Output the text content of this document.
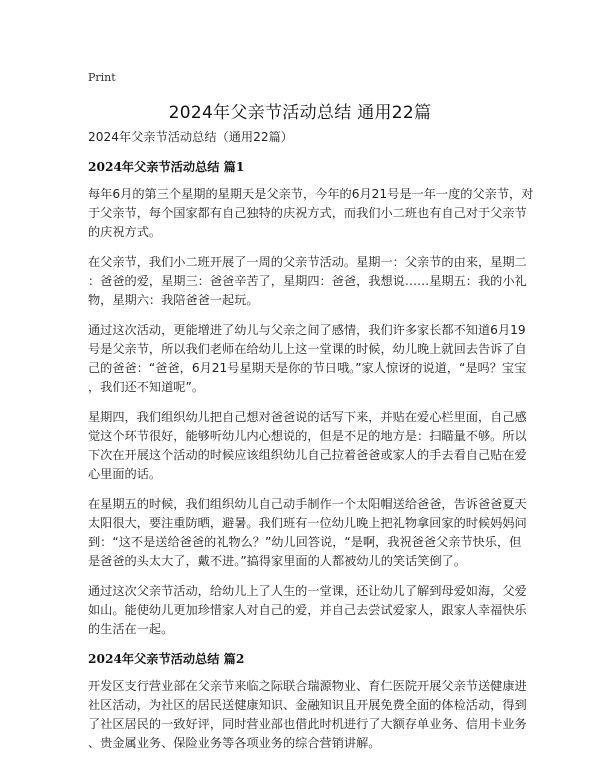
Print
2024年父亲节活动总结 通用22篇
2024年父亲节活动总结（通用22篇）
2024年父亲节活动总结 篇1
每年6月的第三个星期的星期天是父亲节，今年的6月21号是一年一度的父亲节，对
于父亲节，每个国家都有自己独特的庆祝方式，而我们小二班也有自己对于父亲节
的庆祝方式。
在父亲节，我们小二班开展了一周的父亲节活动。星期一：父亲节的由来，星期二
：爸爸的爱，星期三：爸爸辛苦了，星期四：爸爸，我想说……星期五：我的小礼
物，星期六：我陪爸爸一起玩。
通过这次活动，更能增进了幼儿与父亲之间了感情，我们许多家长都不知道6月19
号是父亲节，所以我们老师在给幼儿上这一堂课的时候，幼儿晚上就回去告诉了自
己的爸爸：“爸爸，6月21号星期天是你的节日哦。”家人惊讶的说道，“是吗？宝宝
，我们还不知道呢”。
星期四，我们组织幼儿把自己想对爸爸说的话写下来，并贴在爱心栏里面，自己感
觉这个环节很好，能够听幼儿内心想说的，但是不足的地方是：扫瞄量不够。所以
下次在开展这个活动的时候应该组织幼儿自己拉着爸爸或家人的手去看自己贴在爱
心里面的话。
在星期五的时候，我们组织幼儿自己动手制作一个太阳帽送给爸爸，告诉爸爸夏天
太阳很大，要注重防晒，避暑。我们班有一位幼儿晚上把礼物拿回家的时候妈妈问
到：“这不是送给爸爸的礼物么？”幼儿回答说，“是啊，我祝爸爸父亲节快乐，但
是爸爸的头太大了，戴不进。”搞得家里面的人都被幼儿的笑话笑倒了。
通过这次父亲节活动，给幼儿上了人生的一堂课，还让幼儿了解到母爱如海，父爱
如山。能使幼儿更加珍惜家人对自己的爱，并自己去尝试爱家人，跟家人幸福快乐
的生活在一起。
2024年父亲节活动总结 篇2
开发区支行营业部在父亲节来临之际联合瑞源物业、育仁医院开展父亲节送健康进
社区活动，为社区的居民送健康知识、金融知识且开展免费全面的体检活动，得到
了社区居民的一致好评，同时营业部也借此时机进行了大额存单业务、信用卡业务
、贵金属业务、保险业务等各项业务的综合营销讲解。
